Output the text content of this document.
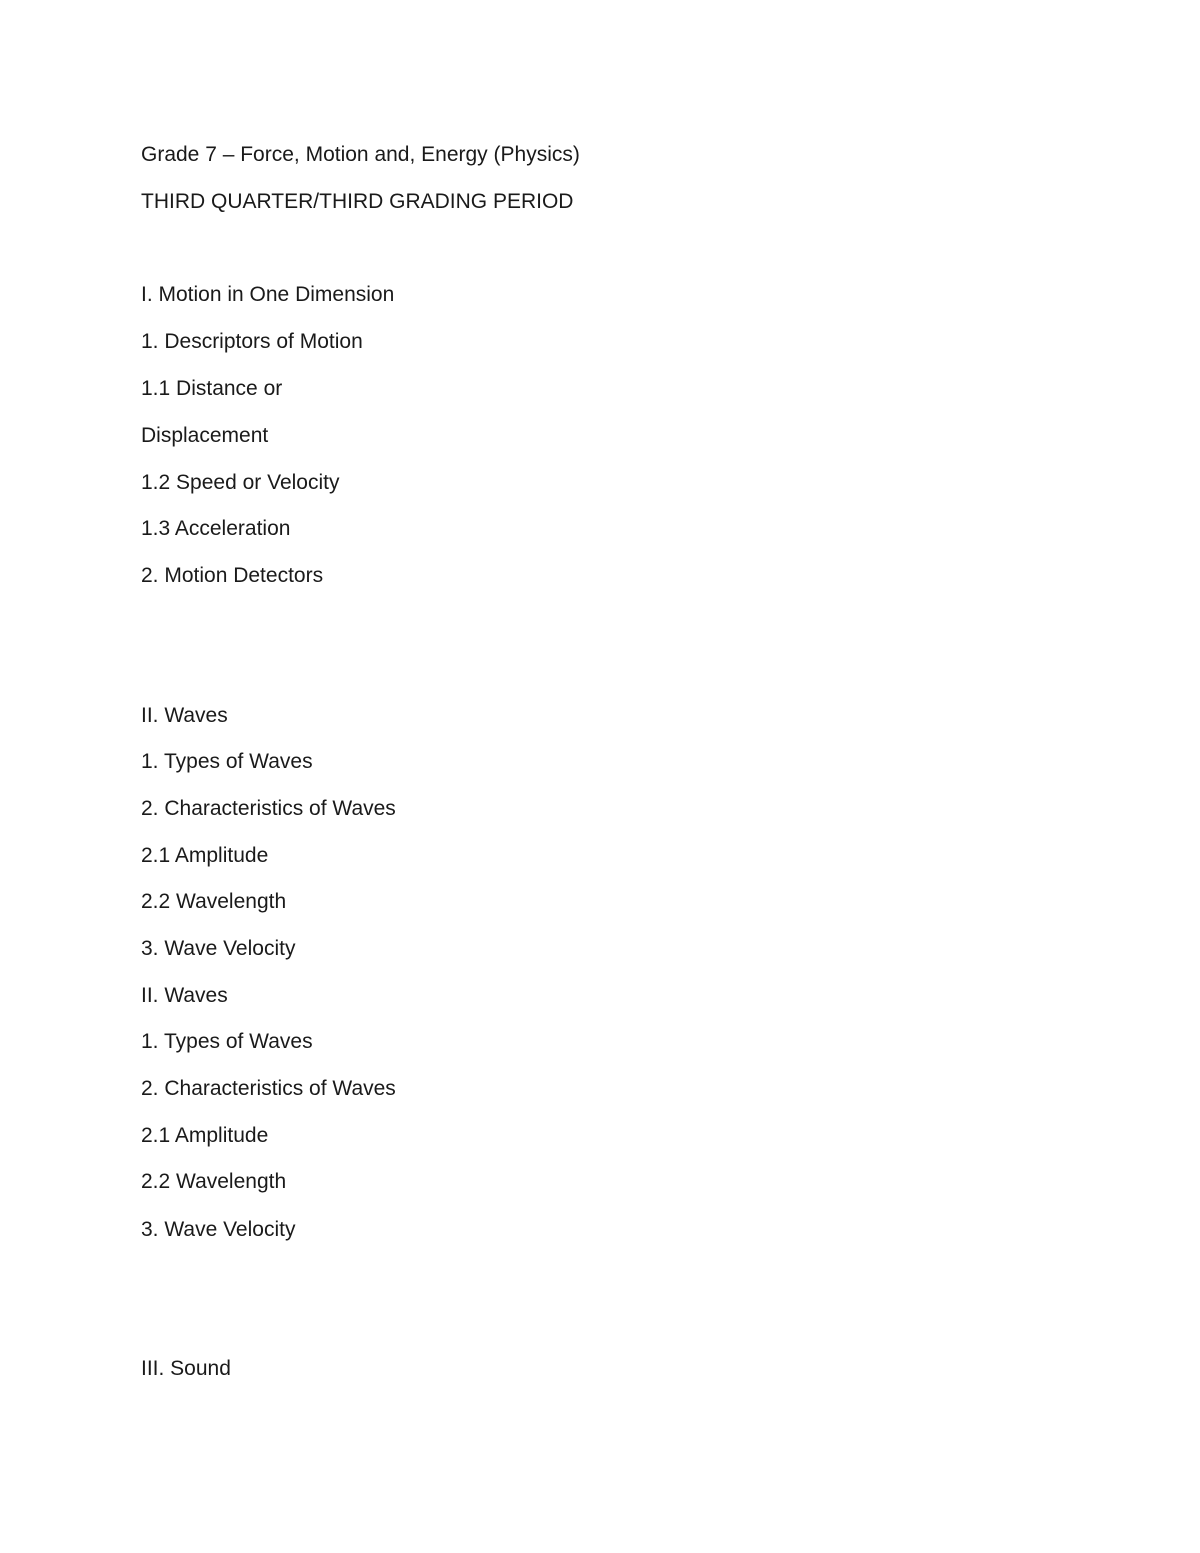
Grade 7 – Force, Motion and, Energy (Physics)
THIRD QUARTER/THIRD GRADING PERIOD
I. Motion in One Dimension
1. Descriptors of Motion
1.1 Distance or
Displacement
1.2 Speed or Velocity
1.3 Acceleration
2. Motion Detectors
II. Waves
1. Types of Waves
2. Characteristics of Waves
2.1 Amplitude
2.2 Wavelength
3. Wave Velocity
II. Waves
1. Types of Waves
2. Characteristics of Waves
2.1 Amplitude
2.2 Wavelength
3. Wave Velocity
III. Sound
